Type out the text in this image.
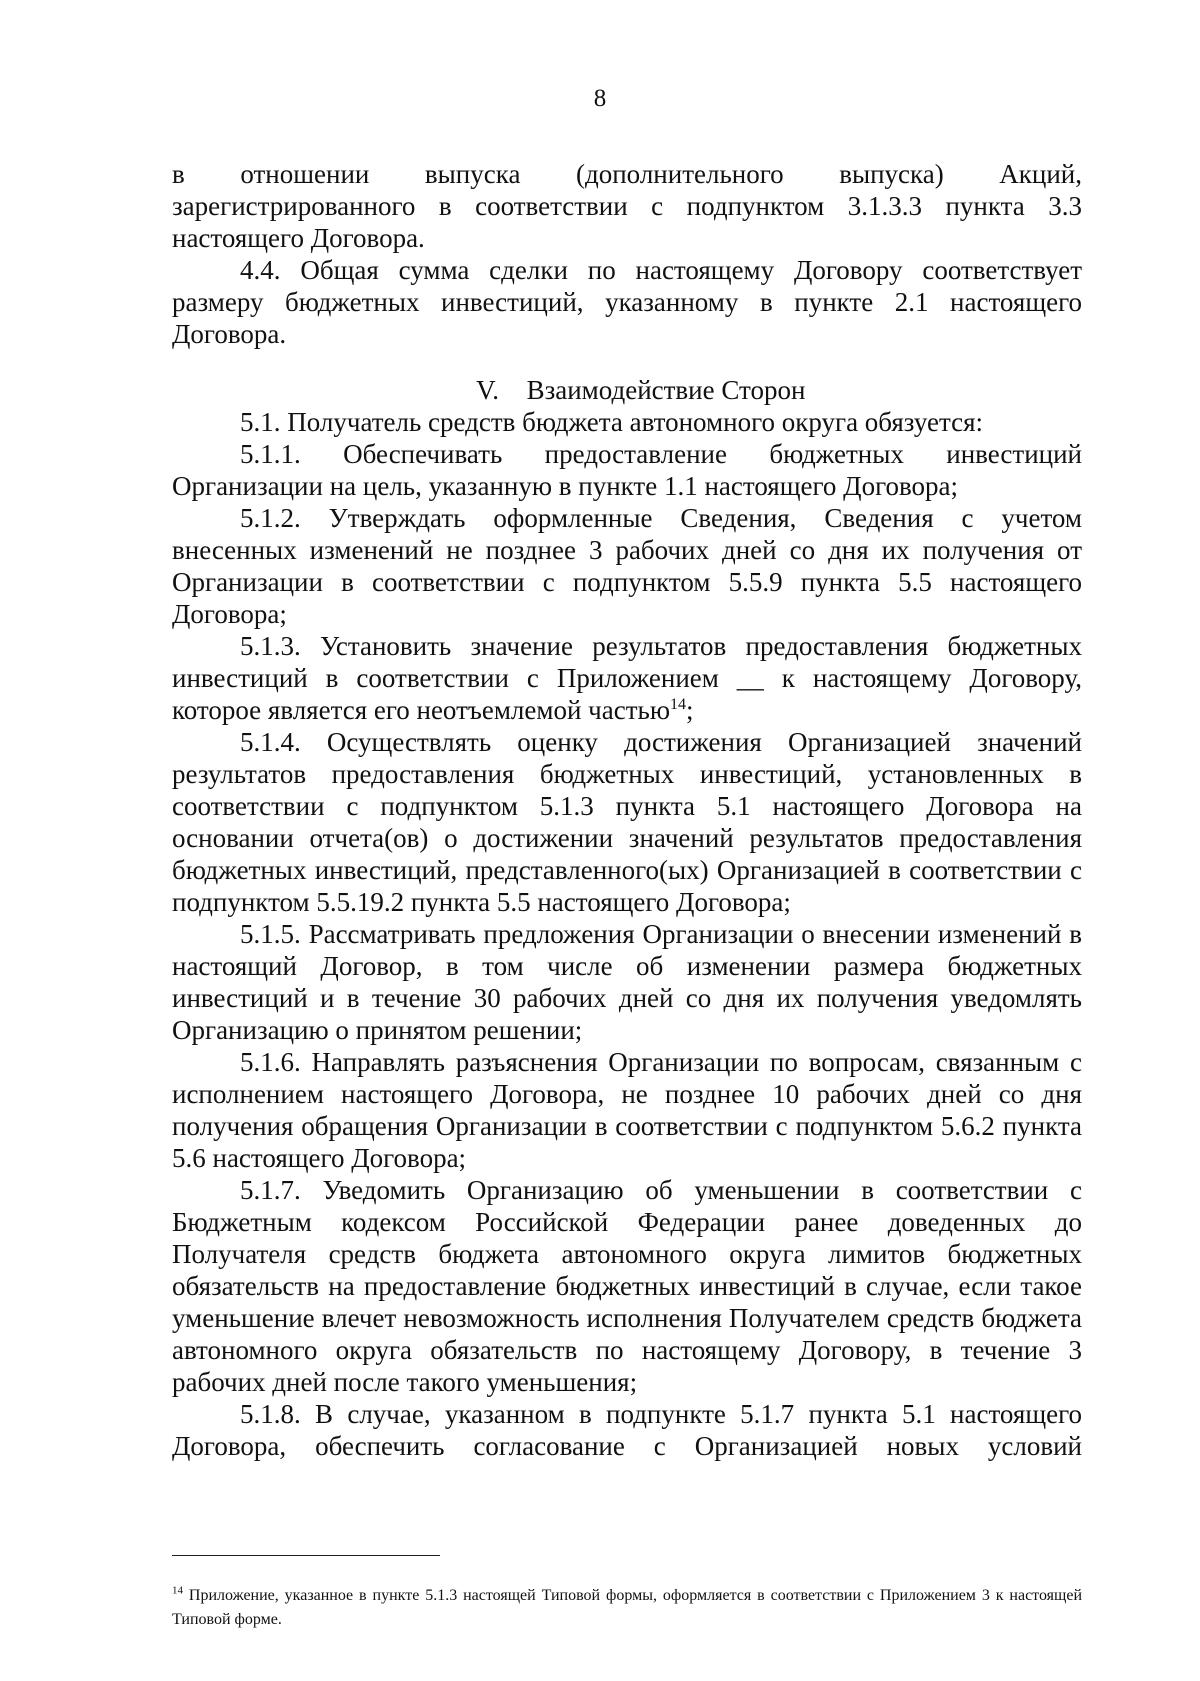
8

в отношении выпуска (дополнительного выпуска) Акций, зарегистрированного в соответствии с подпунктом 3.1.3.3 пункта 3.3 настоящего Договора.

4.4. Общая сумма сделки по настоящему Договору соответствует размеру бюджетных инвестиций, указанному в пункте 2.1 настоящего Договора.

V. Взаимодействие Сторон

5.1. Получатель средств бюджета автономного округа обязуется:

5.1.1. Обеспечивать предоставление бюджетных инвестиций Организации на цель, указанную в пункте 1.1 настоящего Договора;

5.1.2. Утверждать оформленные Сведения, Сведения с учетом внесенных изменений не позднее 3 рабочих дней со дня их получения от Организации в соответствии с подпунктом 5.5.9 пункта 5.5 настоящего Договора;

5.1.3. Установить значение результатов предоставления бюджетных инвестиций в соответствии с Приложением __ к настоящему Договору, которое является его неотъемлемой частью$^{14}$;

5.1.4. Осуществлять оценку достижения Организацией значений результатов предоставления бюджетных инвестиций, установленных в соответствии с подпунктом 5.1.3 пункта 5.1 настоящего Договора на основании отчета(ов) о достижении значений результатов предоставления бюджетных инвестиций, представленного(ых) Организацией в соответствии с подпунктом 5.5.19.2 пункта 5.5 настоящего Договора;

5.1.5. Рассматривать предложения Организации о внесении изменений в настоящий Договор, в том числе об изменении размера бюджетных инвестиций и в течение 30 рабочих дней со дня их получения уведомлять Организацию о принятом решении;

5.1.6. Направлять разъяснения Организации по вопросам, связанным с исполнением настоящего Договора, не позднее 10 рабочих дней со дня получения обращения Организации в соответствии с подпунктом 5.6.2 пункта 5.6 настоящего Договора;

5.1.7. Уведомить Организацию об уменьшении в соответствии с Бюджетным кодексом Российской Федерации ранее доведенных до Получателя средств бюджета автономного округа лимитов бюджетных обязательств на предоставление бюджетных инвестиций в случае, если такое уменьшение влечет невозможность исполнения Получателем средств бюджета автономного округа обязательств по настоящему Договору, в течение 3 рабочих дней после такого уменьшения;

5.1.8. В случае, указанном в подпункте 5.1.7 пункта 5.1 настоящего Договора, обеспечить согласование с Организацией новых условий

$^{14}$ Приложение, указанное в пункте 5.1.3 настоящей Типовой формы, оформляется в соответствии с Приложением 3 к настоящей Типовой форме.
